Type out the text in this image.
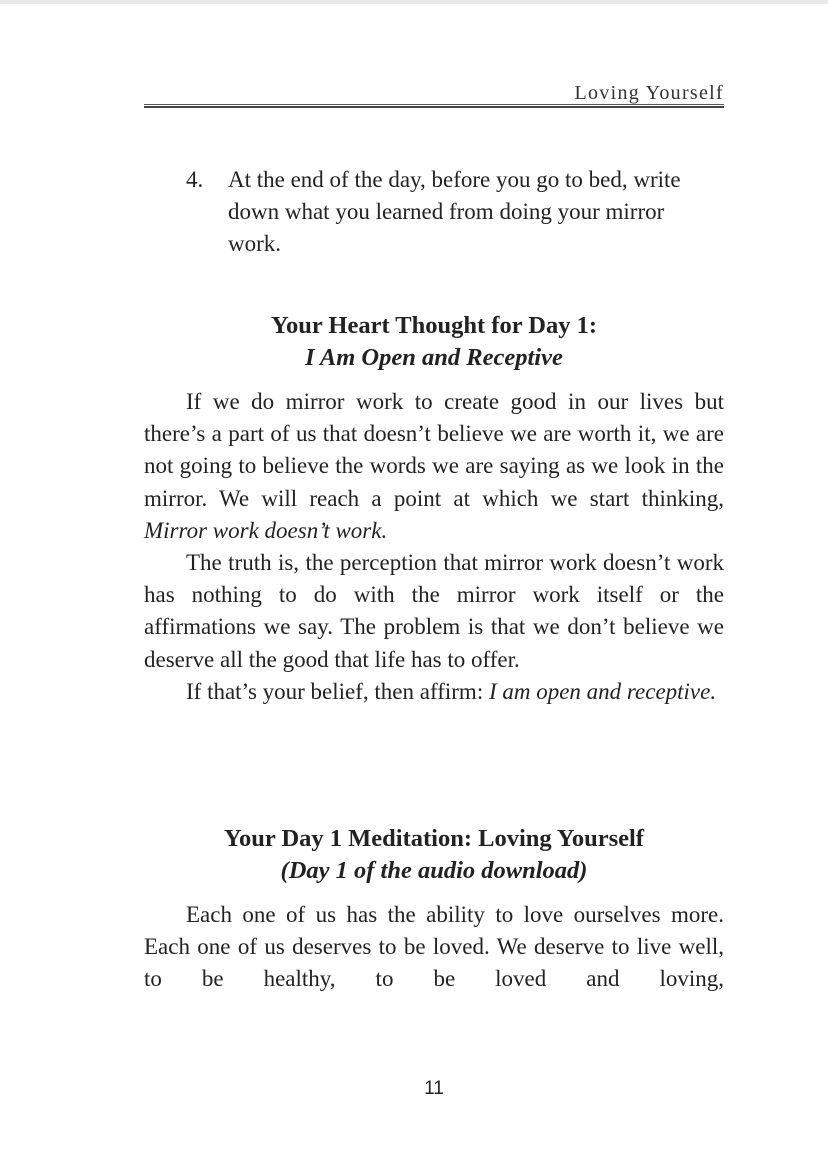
Loving Yourself
4.	At the end of the day, before you go to bed, write down what you learned from doing your mirror work.
Your Heart Thought for Day 1:
I Am Open and Receptive

If we do mirror work to create good in our lives but there’s a part of us that doesn’t believe we are worth it, we are not going to believe the words we are saying as we look in the mirror. We will reach a point at which we start thinking, Mirror work doesn’t work.

The truth is, the perception that mirror work doesn’t work has nothing to do with the mirror work itself or the affirmations we say. The problem is that we don’t believe we deserve all the good that life has to offer.

If that’s your belief, then affirm: I am open and receptive.

Your Day 1 Meditation: Loving Yourself
(Day 1 of the audio download)

Each one of us has the ability to love ourselves more. Each one of us deserves to be loved. We deserve to live well, to be healthy, to be loved and loving,

11
